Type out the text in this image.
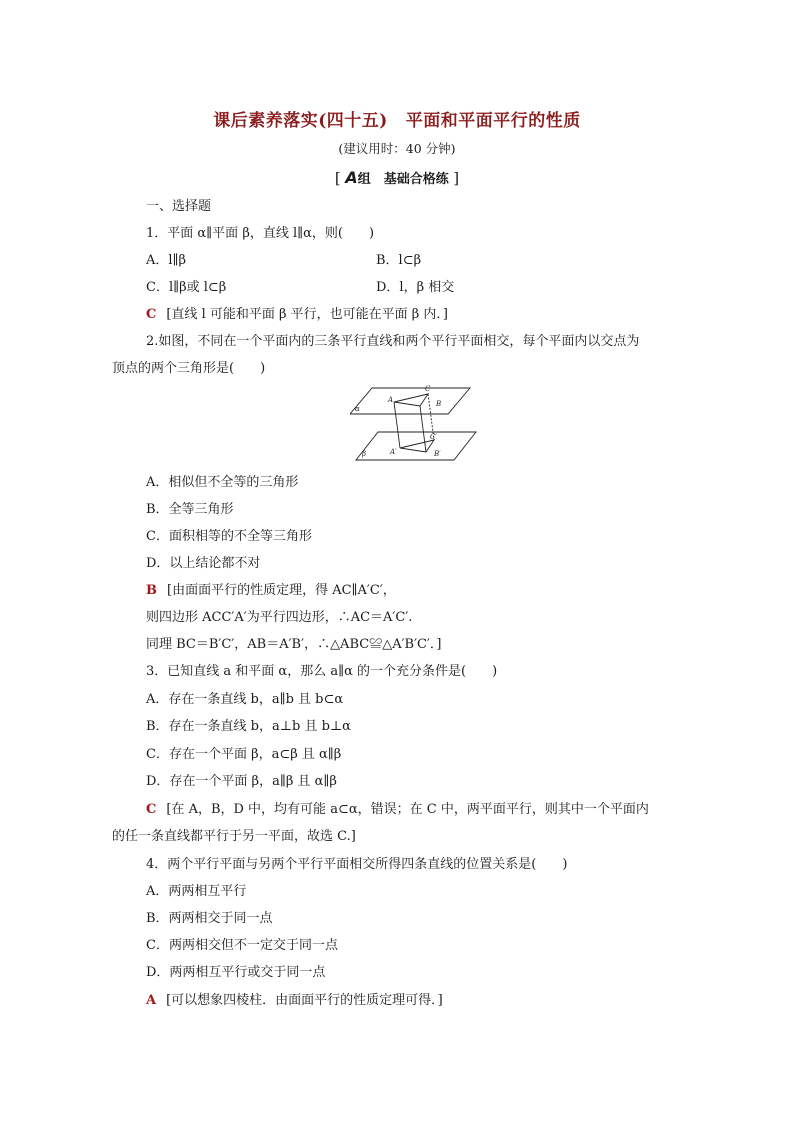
课后素养落实(四十五) 平面和平面平行的性质
(建议用时：40 分钟)
[ A组　基础合格练 ]
一、选择题
1．平面 α∥平面 β，直线 l∥α，则(　　)
A．l∥β	B．l⊂β
C．l∥β或 l⊂β	D．l，β 相交
C [直线 l 可能和平面 β 平行，也可能在平面 β 内．]
2.如图，不同在一个平面内的三条平行直线和两个平行平面相交，每个平面内以交点为
顶点的两个三角形是(　　)
α
β
A
C
B
A′
C′
B′
A．相似但不全等的三角形
B．全等三角形
C．面积相等的不全等三角形
D．以上结论都不对
B [由面面平行的性质定理，得 AC∥A′C′，
则四边形 ACC′A′为平行四边形，∴AC＝A′C′.
同理 BC＝B′C′，AB＝A′B′，∴△ABC≌△A′B′C′．]
3．已知直线 a 和平面 α，那么 a∥α 的一个充分条件是(　　)
A．存在一条直线 b，a∥b 且 b⊂α
B．存在一条直线 b，a⊥b 且 b⊥α
C．存在一个平面 β，a⊂β 且 α∥β
D．存在一个平面 β，a∥β 且 α∥β
C [在 A，B，D 中，均有可能 a⊂α，错误；在 C 中，两平面平行，则其中一个平面内
的任一条直线都平行于另一平面，故选 C.]
4．两个平行平面与另两个平行平面相交所得四条直线的位置关系是(　　)
A．两两相互平行
B．两两相交于同一点
C．两两相交但不一定交于同一点
D．两两相互平行或交于同一点
A [可以想象四棱柱．由面面平行的性质定理可得．]
